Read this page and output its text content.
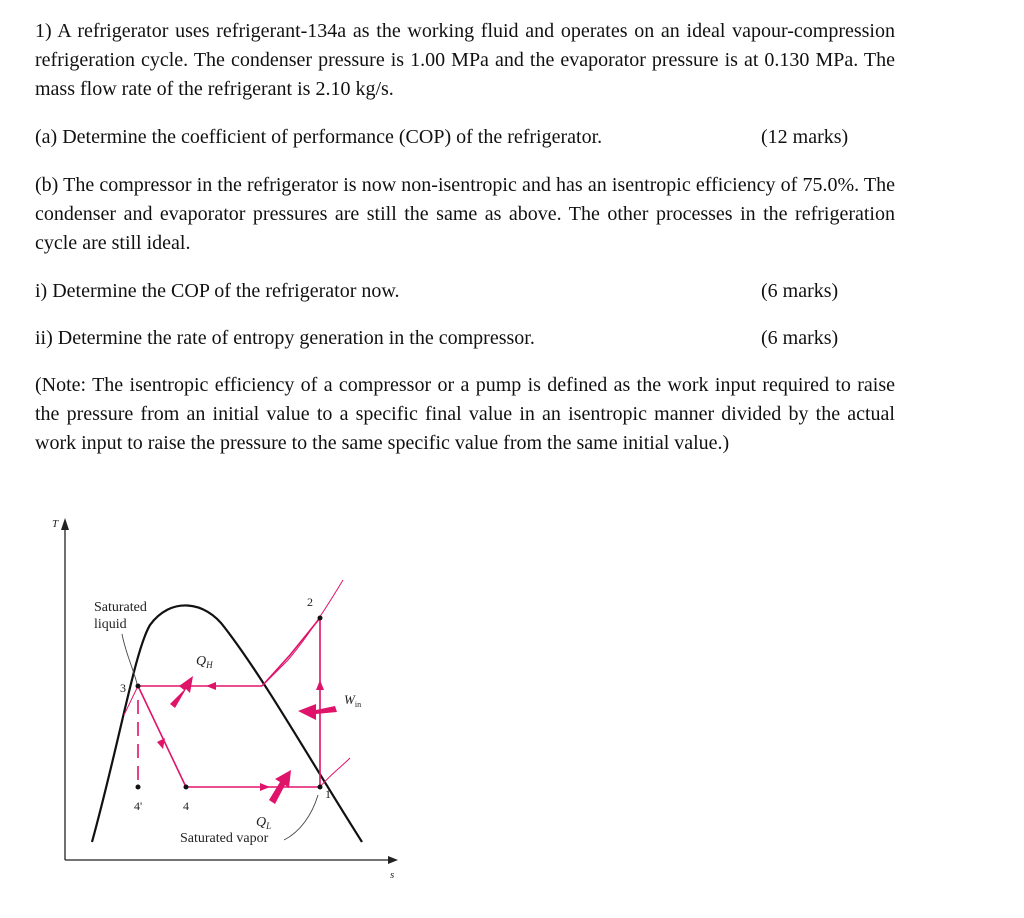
1) A refrigerator uses refrigerant-134a as the working fluid and operates on an ideal vapour-compression refrigeration cycle. The condenser pressure is 1.00 MPa and the evaporator pressure is at 0.130 MPa. The mass flow rate of the refrigerant is 2.10 kg/s.

(a) Determine the coefficient of performance (COP) of the refrigerator.	(12 marks)

(b) The compressor in the refrigerator is now non-isentropic and has an isentropic efficiency of 75.0%. The condenser and evaporator pressures are still the same as above. The other processes in the refrigeration cycle are still ideal.

i) Determine the COP of the refrigerator now.	(6 marks)
ii) Determine the rate of entropy generation in the compressor.	(6 marks)

(Note: The isentropic efficiency of a compressor or a pump is defined as the work input required to raise the pressure from an initial value to a specific final value in an isentropic manner divided by the actual work input to raise the pressure to the same specific value from the same initial value.)

T
s
3
2
1
4
4'
Saturated
liquid
Saturated vapor
$Q_H$
$Q_L$
$W_{in}$
